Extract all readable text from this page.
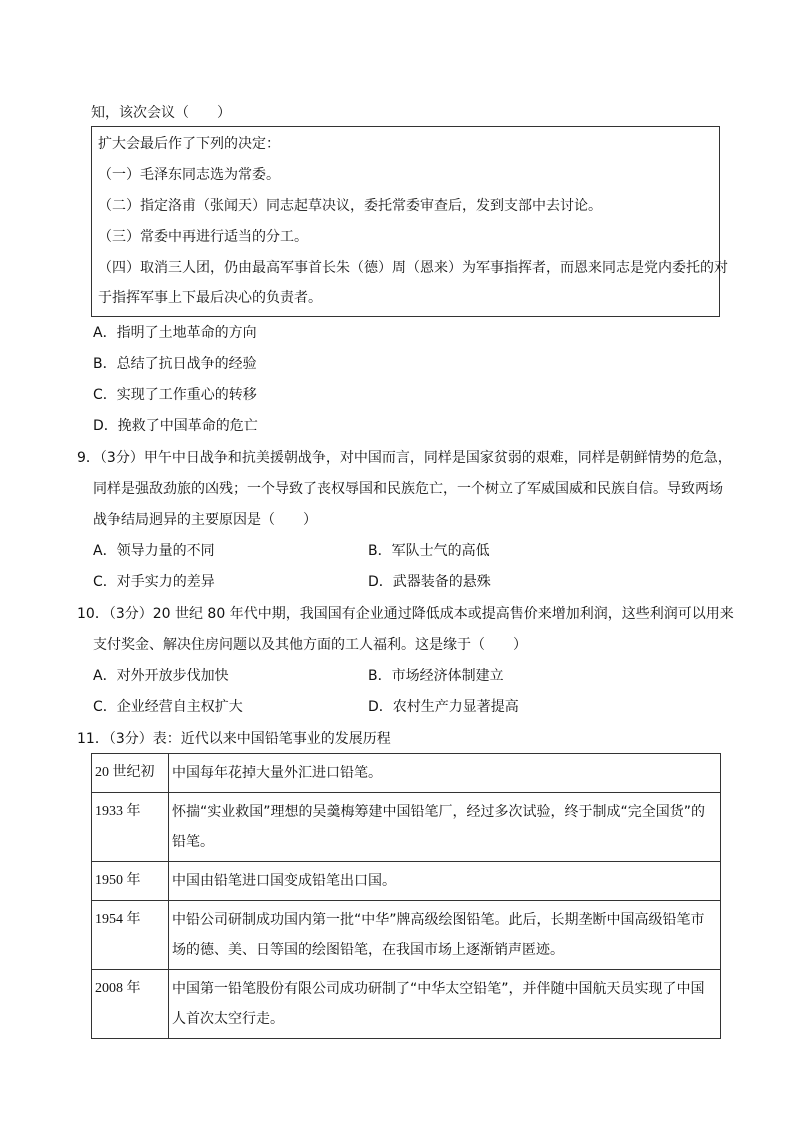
知，该次会议（　　）
扩大会最后作了下列的决定：
（一）毛泽东同志选为常委。
（二）指定洛甫（张闻天）同志起草决议，委托常委审查后，发到支部中去讨论。
（三）常委中再进行适当的分工。
（四）取消三人团，仍由最高军事首长朱（德）周（恩来）为军事指挥者，而恩来同志是党内委托的对
于指挥军事上下最后决心的负责者。
A．指明了土地革命的方向
B．总结了抗日战争的经验
C．实现了工作重心的转移
D．挽救了中国革命的危亡
9．（3分）甲午中日战争和抗美援朝战争，对中国而言，同样是国家贫弱的艰难，同样是朝鲜情势的危急，
同样是强敌劲旅的凶残；一个导致了丧权辱国和民族危亡，一个树立了军威国威和民族自信。导致两场
战争结局迥异的主要原因是（　　）
A．领导力量的不同	B．军队士气的高低
C．对手实力的差异	D．武器装备的悬殊
10．（3分）20 世纪 80 年代中期，我国国有企业通过降低成本或提高售价来增加利润，这些利润可以用来
支付奖金、解决住房问题以及其他方面的工人福利。这是缘于（　　）
A．对外开放步伐加快	B．市场经济体制建立
C．企业经营自主权扩大	D．农村生产力显著提高
11．（3分）表：近代以来中国铅笔事业的发展历程
20 世纪初	中国每年花掉大量外汇进口铅笔。
1933 年	怀揣“实业救国”理想的吴羹梅筹建中国铅笔厂，经过多次试验，终于制成“完全国货”的铅笔。
1950 年	中国由铅笔进口国变成铅笔出口国。
1954 年	中铅公司研制成功国内第一批“中华”牌高级绘图铅笔。此后，长期垄断中国高级铅笔市场的德、美、日等国的绘图铅笔，在我国市场上逐渐销声匿迹。
2008 年	中国第一铅笔股份有限公司成功研制了“中华太空铅笔”，并伴随中国航天员实现了中国人首次太空行走。
